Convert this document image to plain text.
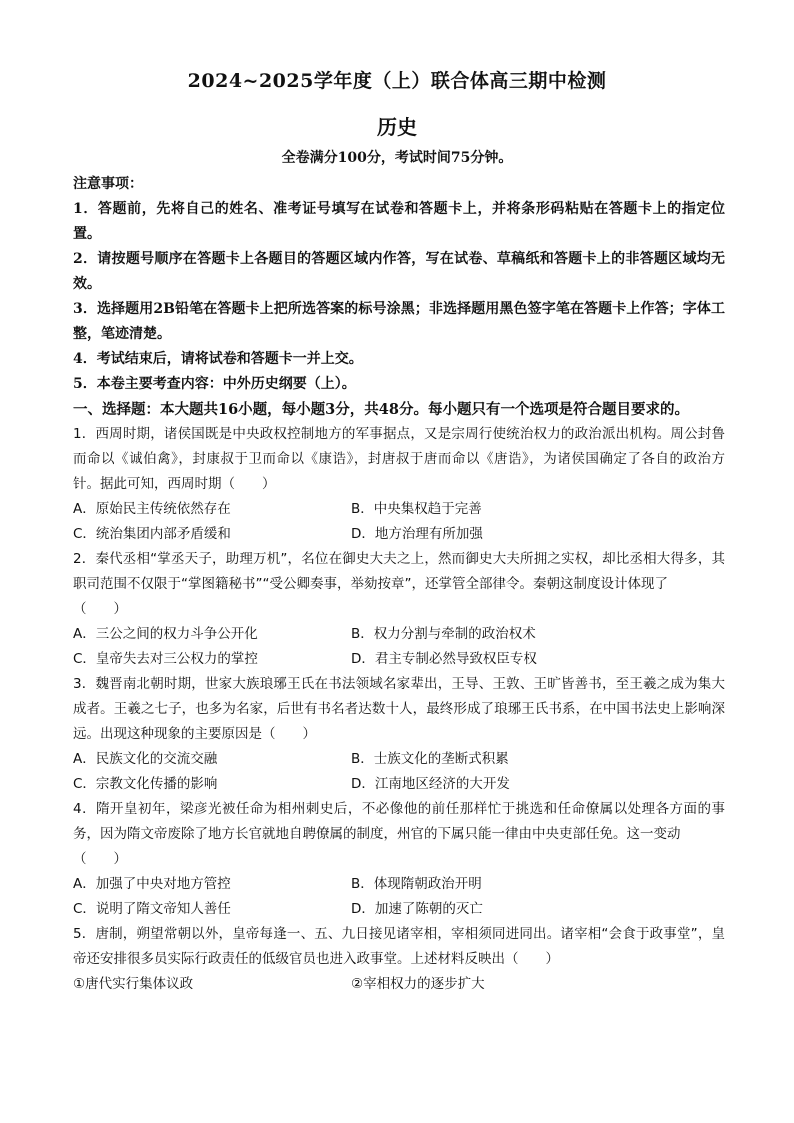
2024~2025学年度（上）联合体高三期中检测
历史
全卷满分100分，考试时间75分钟。
注意事项：
1．答题前，先将自己的姓名、准考证号填写在试卷和答题卡上，并将条形码粘贴在答题卡上的指定位置。
2．请按题号顺序在答题卡上各题目的答题区域内作答，写在试卷、草稿纸和答题卡上的非答题区域均无效。
3．选择题用2B铅笔在答题卡上把所选答案的标号涂黑；非选择题用黑色签字笔在答题卡上作答；字体工整，笔迹清楚。
4．考试结束后，请将试卷和答题卡一并上交。
5．本卷主要考查内容：中外历史纲要（上）。
一、选择题：本大题共16小题，每小题3分，共48分。每小题只有一个选项是符合题目要求的。
1．西周时期，诸侯国既是中央政权控制地方的军事据点，又是宗周行使统治权力的政治派出机构。周公封鲁而命以《诚伯禽》，封康叔于卫而命以《康诰》，封唐叔于唐而命以《唐诰》，为诸侯国确定了各自的政治方针。据此可知，西周时期（　　）
A．原始民主传统依然存在	B．中央集权趋于完善
C．统治集团内部矛盾缓和	D．地方治理有所加强
2．秦代丞相“掌丞天子，助理万机”，名位在御史大夫之上，然而御史大夫所拥之实权，却比丞相大得多，其职司范围不仅限于“掌图籍秘书”“受公卿奏事，举劾按章”，还掌管全部律令。秦朝这制度设计体现了
（　　）
A．三公之间的权力斗争公开化	B．权力分割与牵制的政治权术
C．皇帝失去对三公权力的掌控	D．君主专制必然导致权臣专权
3．魏晋南北朝时期，世家大族琅琊王氏在书法领域名家辈出，王导、王敦、王旷皆善书，至王羲之成为集大成者。王羲之七子，也多为名家，后世有书名者达数十人，最终形成了琅琊王氏书系，在中国书法史上影响深远。出现这种现象的主要原因是（　　）
A．民族文化的交流交融	B．士族文化的垄断式积累
C．宗教文化传播的影响	D．江南地区经济的大开发
4．隋开皇初年，梁彦光被任命为相州刺史后，不必像他的前任那样忙于挑选和任命僚属以处理各方面的事务，因为隋文帝废除了地方长官就地自聘僚属的制度，州官的下属只能一律由中央吏部任免。这一变动
（　　）
A．加强了中央对地方管控	B．体现隋朝政治开明
C．说明了隋文帝知人善任	D．加速了陈朝的灭亡
5．唐制，朔望常朝以外，皇帝每逢一、五、九日接见诸宰相，宰相须同进同出。诸宰相“会食于政事堂”，皇帝还安排很多员实际行政责任的低级官员也进入政事堂。上述材料反映出（　　）
①唐代实行集体议政	②宰相权力的逐步扩大
